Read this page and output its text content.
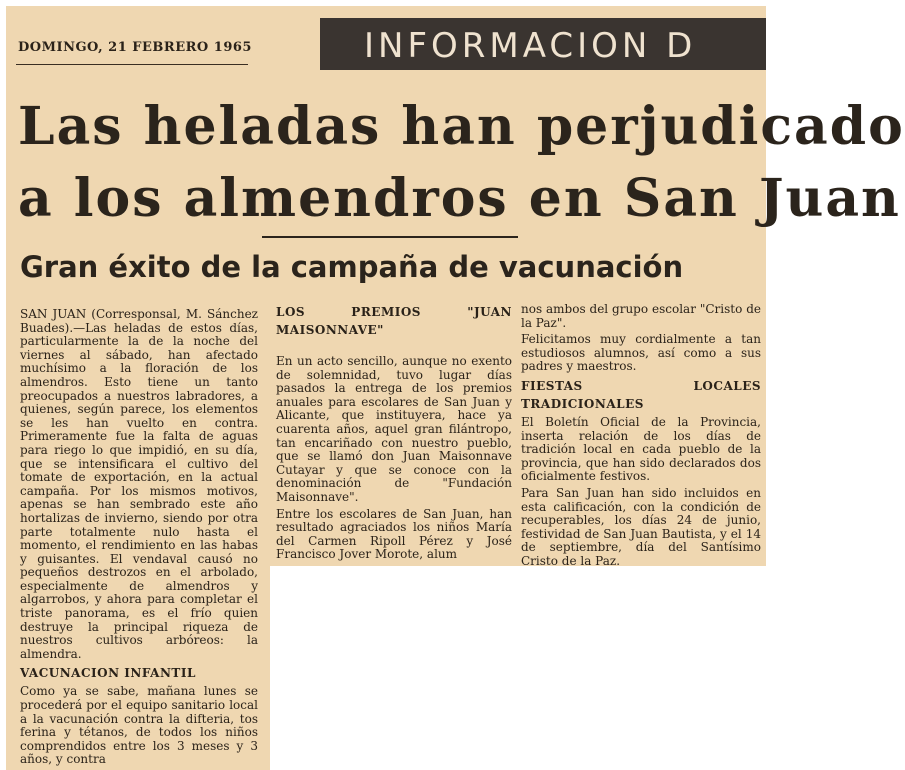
DOMINGO, 21 FEBRERO 1965	INFORMACION D
Las heladas han perjudicado
a los almendros en San Juan
Gran éxito de la campaña de vacunación

SAN JUAN (Corresponsal, M. Sánchez Buades).—Las heladas de estos días, particularmente la de la noche del viernes al sábado, han afectado muchísimo a la floración de los almendros. Esto tiene un tanto preocupados a nuestros labradores, a quienes, según parece, los elementos se les han vuelto en contra. Primeramente fue la falta de aguas para riego lo que impidió, en su día, que se intensificara el cultivo del tomate de exportación, en la actual campaña. Por los mismos motivos, apenas se han sembrado este año hortalizas de invierno, siendo por otra parte totalmente nulo hasta el momento, el rendimiento en las habas y guisantes. El vendaval causó no pequeños destrozos en el arbolado, especialmente de almendros y algarrobos, y ahora para completar el triste panorama, es el frío quien destruye la principal riqueza de nuestros cultivos arbóreos: la almendra.

VACUNACION INFANTIL

Como ya se sabe, mañana lunes se procederá por el equipo sanitario local a la vacunación contra la difteria, tos ferina y tétanos, de todos los niños comprendidos entre los 3 meses y 3 años, y contra

LOS PREMIOS "JUAN MAISONNAVE"

En un acto sencillo, aunque no exento de solemnidad, tuvo lugar días pasados la entrega de los premios anuales para escolares de San Juan y Alicante, que instituyera, hace ya cuarenta años, aquel gran filántropo, tan encariñado con nuestro pueblo, que se llamó don Juan Maisonnave Cutayar y que se conoce con la denominación de "Fundación Maisonnave".

Entre los escolares de San Juan, han resultado agraciados los niños María del Carmen Ripoll Pérez y José Francisco Jover Morote, alum

nos ambos del grupo escolar "Cristo de la Paz".

Felicitamos muy cordialmente a tan estudiosos alumnos, así como a sus padres y maestros.

FIESTAS LOCALES TRADICIONALES

El Boletín Oficial de la Provincia, inserta relación de los días de tradición local en cada pueblo de la provincia, que han sido declarados dos oficialmente festivos.

Para San Juan han sido incluidos en esta calificación, con la condición de recuperables, los días 24 de junio, festividad de San Juan Bautista, y el 14 de septiembre, día del Santísimo Cristo de la Paz.
